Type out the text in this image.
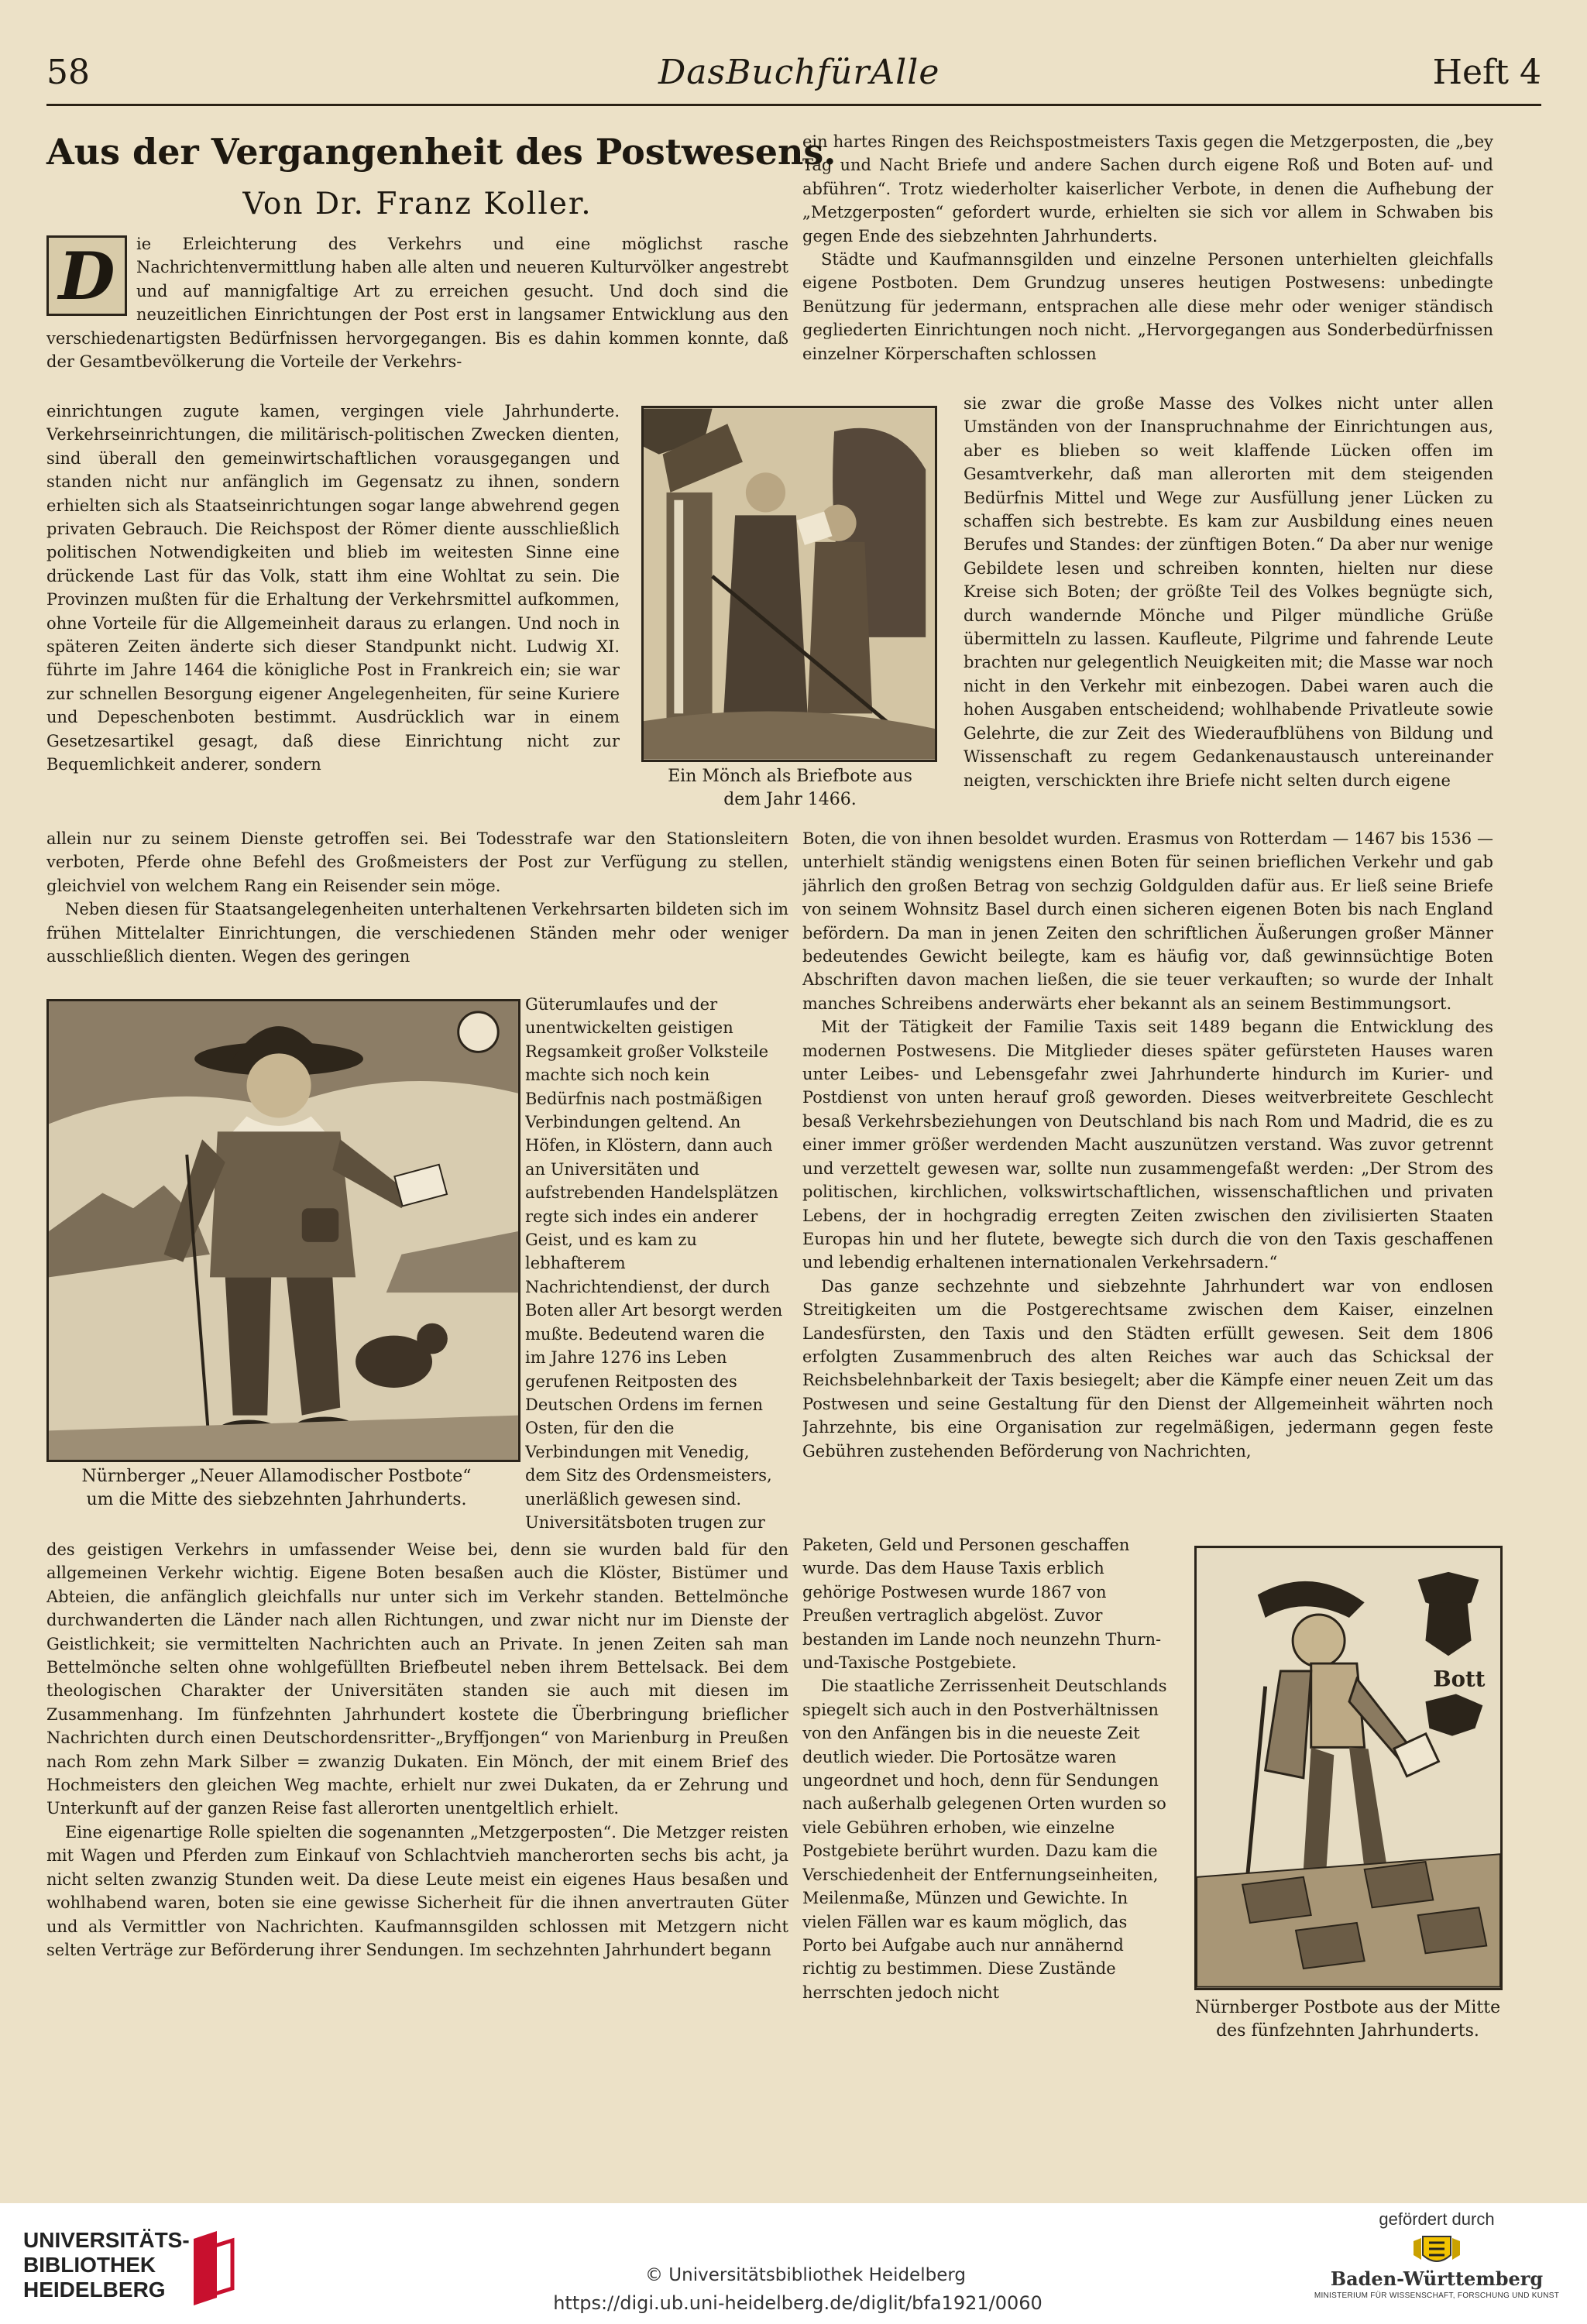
58	DasBuchfürAlle	Heft 4
Aus der Vergangenheit des Postwesens.
Von Dr. Franz Koller.
D	ie Erleichterung des Verkehrs und eine möglichst rasche Nachrichtenvermittlung haben alle alten und neueren Kulturvölker angestrebt und auf mannigfaltige Art zu erreichen gesucht. Und doch sind die neuzeitlichen Einrichtungen der Post erst in langsamer Entwicklung aus den verschiedenartigsten Bedürfnissen hervorgegangen. Bis es dahin kommen konnte, daß der Gesamtbevölkerung die Vorteile der Verkehrs-

einrichtungen zugute kamen, vergingen viele Jahrhunderte. Verkehrseinrichtungen, die militärisch-politischen Zwecken dienten, sind überall den gemeinwirtschaftlichen vorausgegangen und standen nicht nur anfänglich im Gegensatz zu ihnen, sondern erhielten sich als Staatseinrichtungen sogar lange abwehrend gegen privaten Gebrauch. Die Reichspost der Römer diente ausschließlich politischen Notwendigkeiten und blieb im weitesten Sinne eine drückende Last für das Volk, statt ihm eine Wohltat zu sein. Die Provinzen mußten für die Erhaltung der Verkehrsmittel aufkommen, ohne Vorteile für die Allgemeinheit daraus zu erlangen. Und noch in späteren Zeiten änderte sich dieser Standpunkt nicht. Ludwig XI. führte im Jahre 1464 die königliche Post in Frankreich ein; sie war zur schnellen Besorgung eigener Angelegenheiten, für seine Kuriere und Depeschenboten bestimmt. Ausdrücklich war in einem Gesetzesartikel gesagt, daß diese Einrichtung nicht zur Bequemlichkeit anderer, sondern

Ein Mönch als Briefbote aus
dem Jahr 1466.

allein nur zu seinem Dienste getroffen sei. Bei Todesstrafe war den Stationsleitern verboten, Pferde ohne Befehl des Großmeisters der Post zur Verfügung zu stellen, gleichviel von welchem Rang ein Reisender sein möge.

Neben diesen für Staatsangelegenheiten unterhaltenen Verkehrsarten bildeten sich im frühen Mittelalter Einrichtungen, die verschiedenen Ständen mehr oder weniger ausschließlich dienten. Wegen des geringen

Nürnberger „Neuer Allamodischer Postbote“
um die Mitte des siebzehnten Jahrhunderts.

Güterumlaufes und der unentwickelten geistigen Regsamkeit großer Volksteile machte sich noch kein Bedürfnis nach postmäßigen Verbindungen geltend. An Höfen, in Klöstern, dann auch an Universitäten und aufstrebenden Handelsplätzen regte sich indes ein anderer Geist, und es kam zu lebhafterem Nachrichtendienst, der durch Boten aller Art besorgt werden mußte. Bedeutend waren die im Jahre 1276 ins Leben gerufenen Reitposten des Deutschen Ordens im fernen Osten, für den die Verbindungen mit Venedig, dem Sitz des Ordensmeisters, unerläßlich gewesen sind. Universitätsboten trugen zur

des geistigen Verkehrs in umfassender Weise bei, denn sie wurden bald für den allgemeinen Verkehr wichtig. Eigene Boten besaßen auch die Klöster, Bistümer und Abteien, die anfänglich gleichfalls nur unter sich im Verkehr standen. Bettelmönche durchwanderten die Länder nach allen Richtungen, und zwar nicht nur im Dienste der Geistlichkeit; sie vermittelten Nachrichten auch an Private. In jenen Zeiten sah man Bettelmönche selten ohne wohlgefüllten Briefbeutel neben ihrem Bettelsack. Bei dem theologischen Charakter der Universitäten standen sie auch mit diesen im Zusammenhang. Im fünfzehnten Jahrhundert kostete die Überbringung brieflicher Nachrichten durch einen Deutschordensritter-„Bryffjongen“ von Marienburg in Preußen nach Rom zehn Mark Silber = zwanzig Dukaten. Ein Mönch, der mit einem Brief des Hochmeisters den gleichen Weg machte, erhielt nur zwei Dukaten, da er Zehrung und Unterkunft auf der ganzen Reise fast allerorten unentgeltlich erhielt.

Eine eigenartige Rolle spielten die sogenannten „Metzgerposten“. Die Metzger reisten mit Wagen und Pferden zum Einkauf von Schlachtvieh mancherorten sechs bis acht, ja nicht selten zwanzig Stunden weit. Da diese Leute meist ein eigenes Haus besaßen und wohlhabend waren, boten sie eine gewisse Sicherheit für die ihnen anvertrauten Güter und als Vermittler von Nachrichten. Kaufmannsgilden schlossen mit Metzgern nicht selten Verträge zur Beförderung ihrer Sendungen. Im sechzehnten Jahrhundert begann

ein hartes Ringen des Reichspostmeisters Taxis gegen die Metzgerposten, die „bey Tag und Nacht Briefe und andere Sachen durch eigene Roß und Boten auf- und abführen“. Trotz wiederholter kaiserlicher Verbote, in denen die Aufhebung der „Metzgerposten“ gefordert wurde, erhielten sie sich vor allem in Schwaben bis gegen Ende des siebzehnten Jahrhunderts.

Städte und Kaufmannsgilden und einzelne Personen unterhielten gleichfalls eigene Postboten. Dem Grundzug unseres heutigen Postwesens: unbedingte Benützung für jedermann, entsprachen alle diese mehr oder weniger ständisch gegliederten Einrichtungen noch nicht. „Hervorgegangen aus Sonderbedürfnissen einzelner Körperschaften schlossen

sie zwar die große Masse des Volkes nicht unter allen Umständen von der Inanspruchnahme der Einrichtungen aus, aber es blieben so weit klaffende Lücken offen im Gesamtverkehr, daß man allerorten mit dem steigenden Bedürfnis Mittel und Wege zur Ausfüllung jener Lücken zu schaffen sich bestrebte. Es kam zur Ausbildung eines neuen Berufes und Standes: der zünftigen Boten.“ Da aber nur wenige Gebildete lesen und schreiben konnten, hielten nur diese Kreise sich Boten; der größte Teil des Volkes begnügte sich, durch wandernde Mönche und Pilger mündliche Grüße übermitteln zu lassen. Kaufleute, Pilgrime und fahrende Leute brachten nur gelegentlich Neuigkeiten mit; die Masse war noch nicht in den Verkehr mit einbezogen. Dabei waren auch die hohen Ausgaben entscheidend; wohlhabende Privatleute sowie Gelehrte, die zur Zeit des Wiederaufblühens von Bildung und Wissenschaft zu regem Gedankenaustausch untereinander neigten, verschickten ihre Briefe nicht selten durch eigene

Boten, die von ihnen besoldet wurden. Erasmus von Rotterdam — 1467 bis 1536 — unterhielt ständig wenigstens einen Boten für seinen brieflichen Verkehr und gab jährlich den großen Betrag von sechzig Goldgulden dafür aus. Er ließ seine Briefe von seinem Wohnsitz Basel durch einen sicheren eigenen Boten bis nach England befördern. Da man in jenen Zeiten den schriftlichen Äußerungen großer Männer bedeutendes Gewicht beilegte, kam es häufig vor, daß gewinnsüchtige Boten Abschriften davon machen ließen, die sie teuer verkauften; so wurde der Inhalt manches Schreibens anderwärts eher bekannt als an seinem Bestimmungsort.

Mit der Tätigkeit der Familie Taxis seit 1489 begann die Entwicklung des modernen Postwesens. Die Mitglieder dieses später gefürsteten Hauses waren unter Leibes- und Lebensgefahr zwei Jahrhunderte hindurch im Kurier- und Postdienst von unten herauf groß geworden. Dieses weitverbreitete Geschlecht besaß Verkehrsbeziehungen von Deutschland bis nach Rom und Madrid, die es zu einer immer größer werdenden Macht auszunützen verstand. Was zuvor getrennt und verzettelt gewesen war, sollte nun zusammengefaßt werden: „Der Strom des politischen, kirchlichen, volkswirtschaftlichen, wissenschaftlichen und privaten Lebens, der in hochgradig erregten Zeiten zwischen den zivilisierten Staaten Europas hin und her flutete, bewegte sich durch die von den Taxis geschaffenen und lebendig erhaltenen internationalen Verkehrsadern.“

Das ganze sechzehnte und siebzehnte Jahrhundert war von endlosen Streitigkeiten um die Postgerechtsame zwischen dem Kaiser, einzelnen Landesfürsten, den Taxis und den Städten erfüllt gewesen. Seit dem 1806 erfolgten Zusammenbruch des alten Reiches war auch das Schicksal der Reichsbelehnbarkeit der Taxis besiegelt; aber die Kämpfe einer neuen Zeit um das Postwesen und seine Gestaltung für den Dienst der Allgemeinheit währten noch Jahrzehnte, bis eine Organisation zur regelmäßigen, jedermann gegen feste Gebühren zustehenden Beförderung von Nachrichten,

Paketen, Geld und Personen geschaffen wurde. Das dem Hause Taxis erblich gehörige Postwesen wurde 1867 von Preußen vertraglich abgelöst. Zuvor bestanden im Lande noch neunzehn Thurn-und-Taxische Postgebiete.

Die staatliche Zerrissenheit Deutschlands spiegelt sich auch in den Postverhältnissen von den Anfängen bis in die neueste Zeit deutlich wieder. Die Portosätze waren ungeordnet und hoch, denn für Sendungen nach außerhalb gelegenen Orten wurden so viele Gebühren erhoben, wie einzelne Postgebiete berührt wurden. Dazu kam die Verschiedenheit der Entfernungseinheiten, Meilenmaße, Münzen und Gewichte. In vielen Fällen war es kaum möglich, das Porto bei Aufgabe auch nur annähernd richtig zu bestimmen. Diese Zustände herrschten jedoch nicht

Bott
Nürnberger Postbote aus der Mitte
des fünfzehnten Jahrhunderts.
UNIVERSITÄTS-
BIBLIOTHEK
HEIDELBERG
© Universitätsbibliothek Heidelberg
https://digi.ub.uni-heidelberg.de/diglit/bfa1921/0060
gefördert durch
Baden-Württemberg
MINISTERIUM FÜR WISSENSCHAFT, FORSCHUNG UND KUNST
